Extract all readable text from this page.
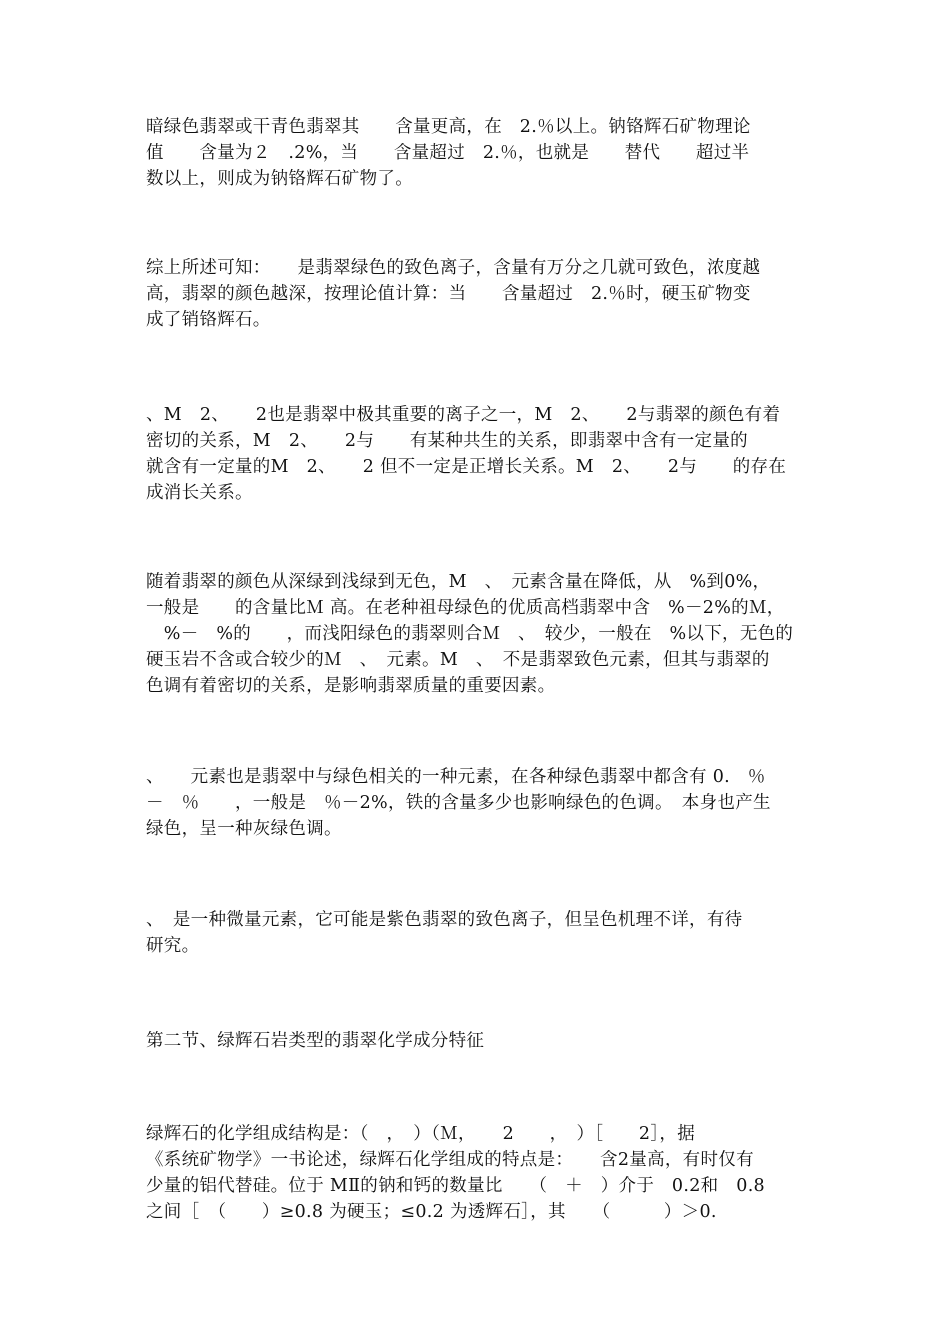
暗绿色翡翠或干青色翡翠其　　含量更高，在　2.％以上。钠铬辉石矿物理论
值　　含量为２　.2%，当　　含量超过　2.％，也就是　　替代　　超过半
数以上，则成为钠铬辉石矿物了。
综上所述可知：　　是翡翠绿色的致色离子，含量有万分之几就可致色，浓度越
高，翡翠的颜色越深，按理论值计算：当　　含量超过　2.％时，硬玉矿物变
成了销铬辉石。
、M　2、　　2也是翡翠中极其重要的离子之一，M　2、　　2与翡翠的颜色有着
密切的关系，M　2、　　2与　　有某种共生的关系，即翡翠中含有一定量的
就含有一定量的M　2、　　2 但不一定是正增长关系。M　2、　　2与　　的存在
成消长关系。
随着翡翠的颜色从深绿到浅绿到无色，M　、　元素含量在降低，从　%到0%，
一般是　　的含量比Ｍ 高。在老种祖母绿色的优质高档翡翠中含　%－2%的Ｍ，
　%－　%的　　，而浅阳绿色的翡翠则合Ｍ　、　较少，一般在　%以下，无色的
硬玉岩不含或合较少的Ｍ　、　元素。M　、　不是翡翠致色元素，但其与翡翠的
色调有着密切的关系，是影响翡翠质量的重要因素。
、　　元素也是翡翠中与绿色相关的一种元素，在各种绿色翡翠中都含有 0.　％
－　％　　，一般是　％－2%，铁的含量多少也影响绿色的色调。　本身也产生
绿色，呈一种灰绿色调。
、　是一种微量元素，它可能是紫色翡翠的致色离子，但呈色机理不详，有待
研究。
第二节、绿辉石岩类型的翡翠化学成分特征
绿辉石的化学组成结构是：（　，　）（Ｍ，　　2　　，　）［　　2］，据
《系统矿物学》一书论述，绿辉石化学组成的特点是：　　含2量高，有时仅有
少量的铝代替硅。位于 MⅡ的钠和钙的数量比　　（　＋　）介于　0.2和　0.8
之间［　（　　）≥0.8 为硬玉；≤0.2 为透辉石］，其　　（　　　）＞0.
